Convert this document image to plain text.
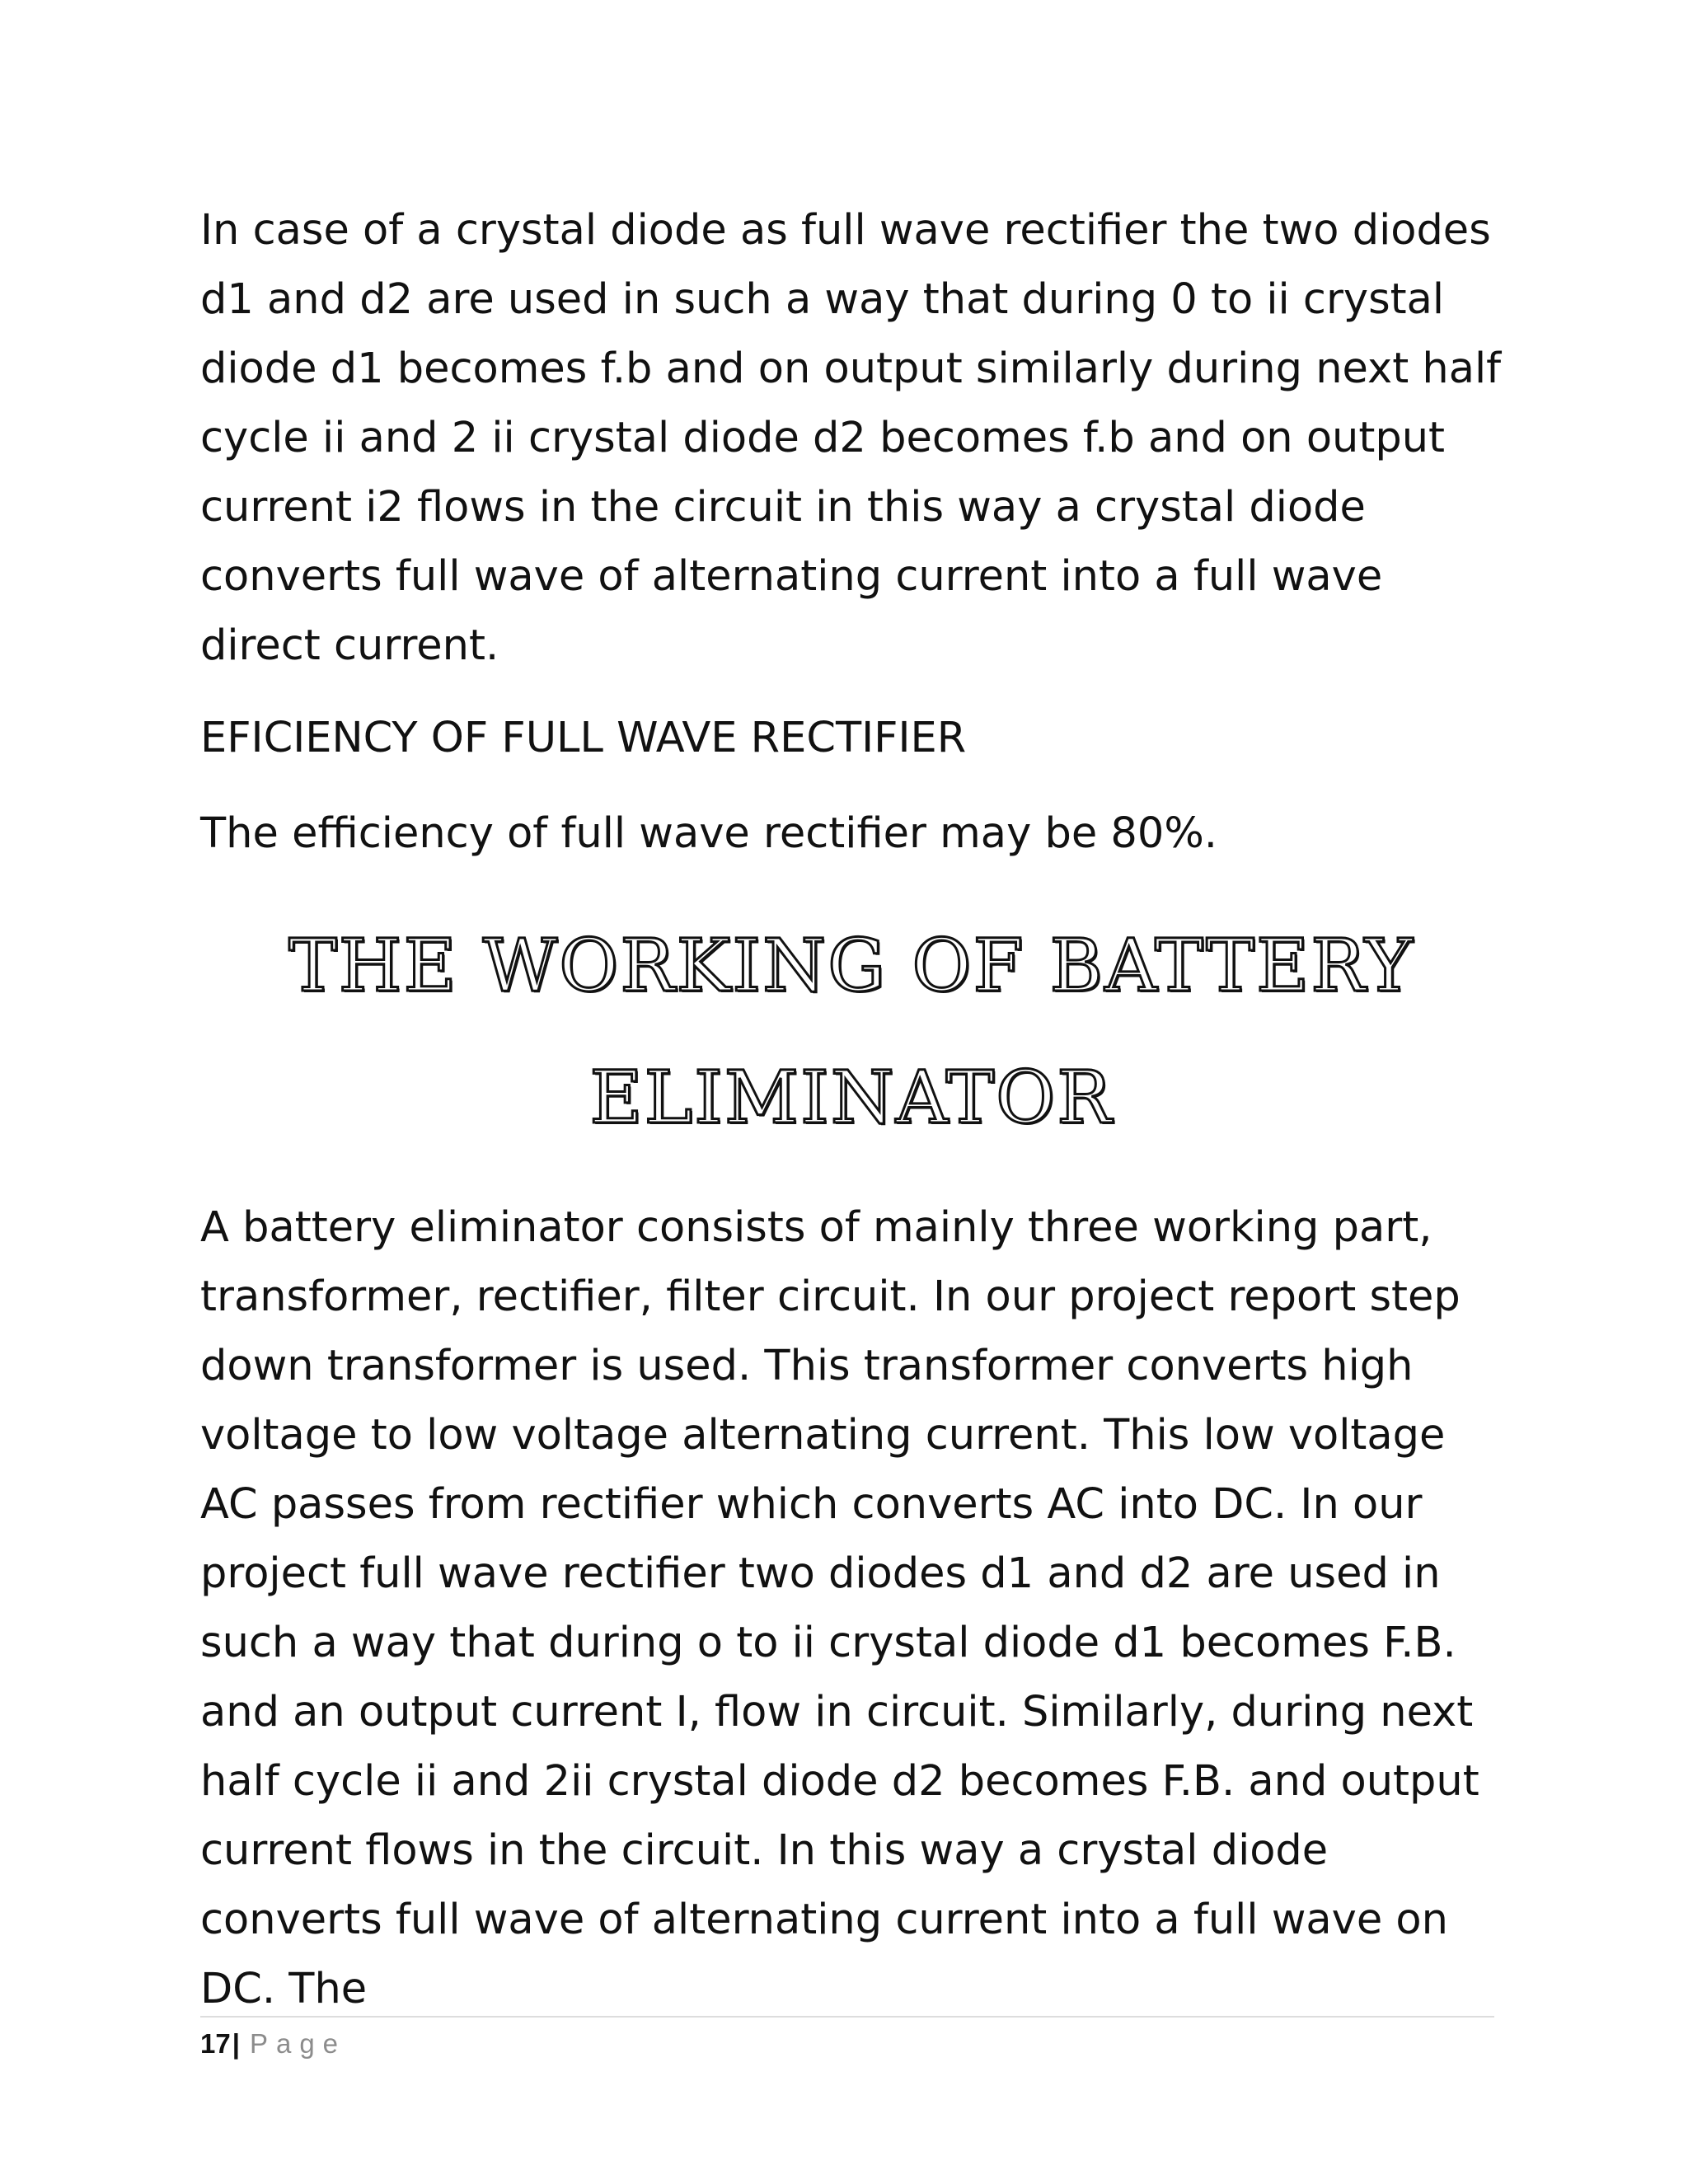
In case of a crystal diode as full wave rectifier the two diodes d1 and d2 are used in such a way that during 0 to ii crystal diode d1 becomes f.b and on output similarly during next half cycle ii and 2 ii crystal diode d2 becomes f.b and on output current i2 flows in the circuit in this way a crystal diode converts full wave of alternating current into a full wave direct current.

EFICIENCY OF FULL WAVE RECTIFIER

The efficiency of full wave rectifier may be 80%.

THE WORKING OF BATTERY ELIMINATOR

A battery eliminator consists of mainly three working part, transformer, rectifier, filter circuit. In our project report step down transformer is used. This transformer converts high voltage to low voltage alternating current. This low voltage AC passes from rectifier which converts AC into DC. In our project full wave rectifier two diodes d1 and d2 are used in such a way that during o to ii crystal diode d1 becomes F.B. and an output current I, flow in circuit. Similarly, during next half cycle ii and 2ii crystal diode d2 becomes F.B. and output current flows in the circuit. In this way a crystal diode converts full wave of alternating current into a full wave on DC. The

17| Page
